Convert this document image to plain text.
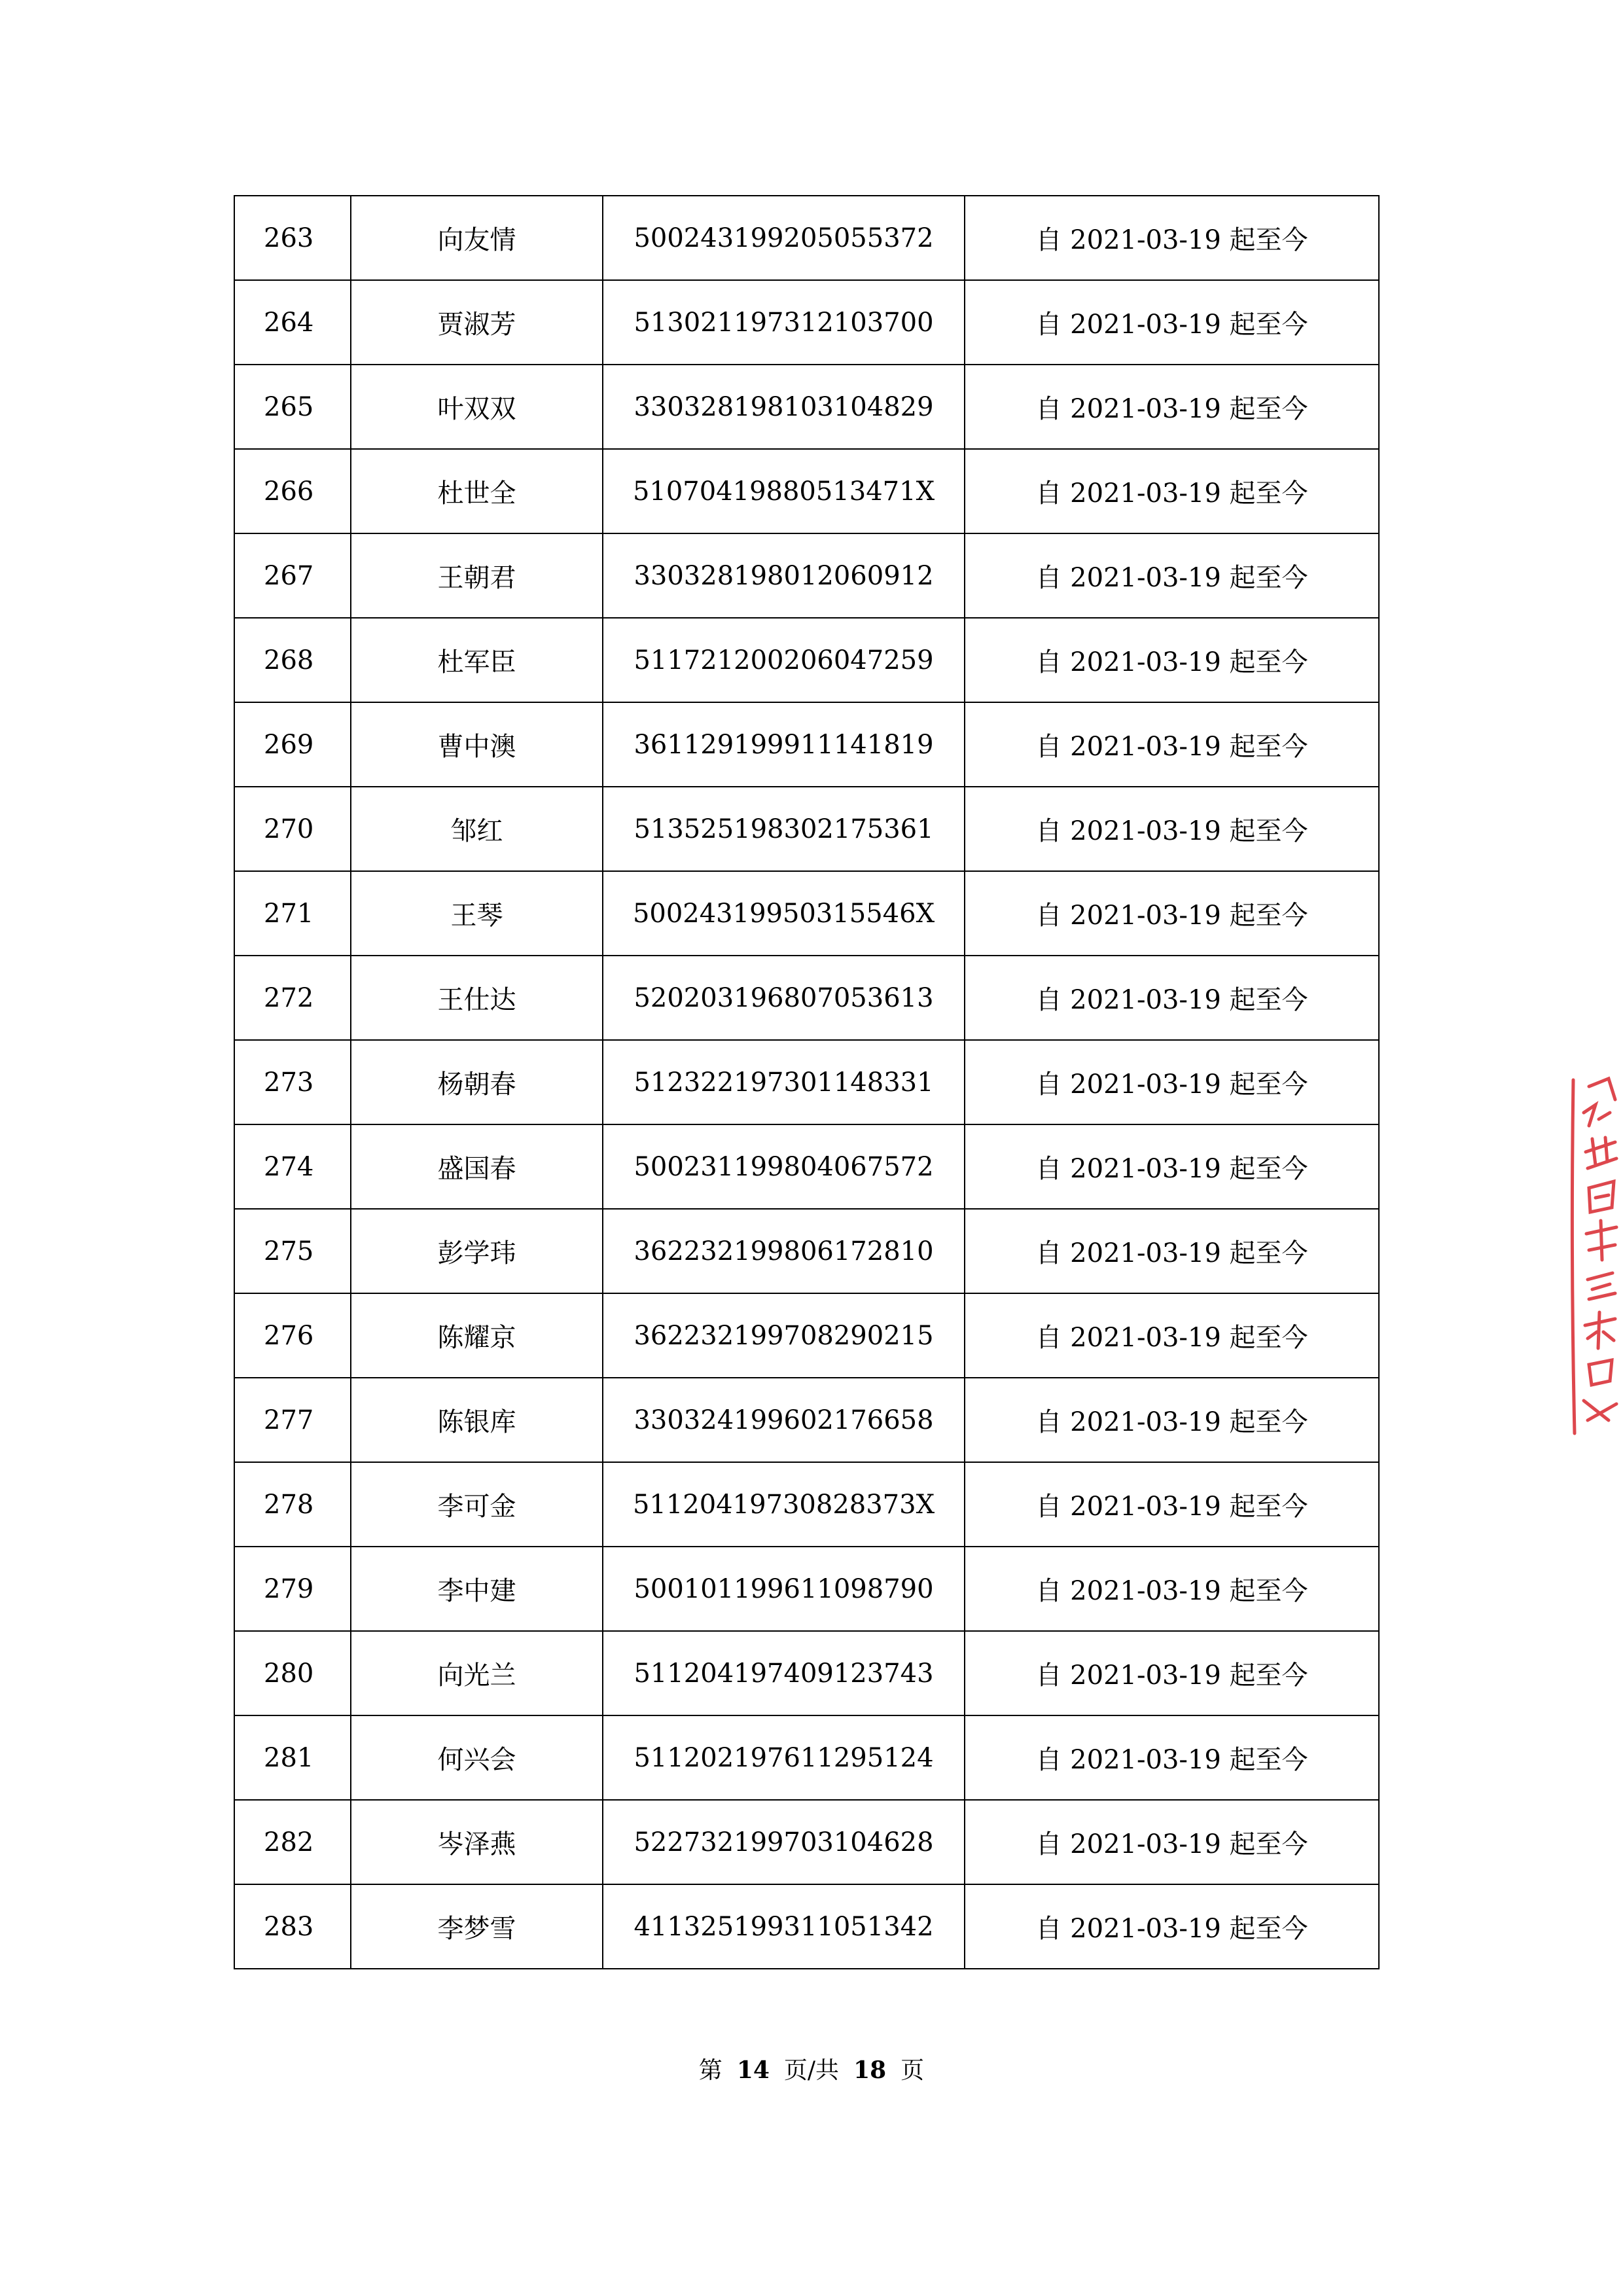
263	向友情	500243199205055372	自 2021-03-19 起至今
264	贾淑芳	513021197312103700	自 2021-03-19 起至今
265	叶双双	330328198103104829	自 2021-03-19 起至今
266	杜世全	51070419880513471X	自 2021-03-19 起至今
267	王朝君	330328198012060912	自 2021-03-19 起至今
268	杜军臣	511721200206047259	自 2021-03-19 起至今
269	曹中澳	361129199911141819	自 2021-03-19 起至今
270	邹红	513525198302175361	自 2021-03-19 起至今
271	王琴	50024319950315546X	自 2021-03-19 起至今
272	王仕达	520203196807053613	自 2021-03-19 起至今
273	杨朝春	512322197301148331	自 2021-03-19 起至今
274	盛国春	500231199804067572	自 2021-03-19 起至今
275	彭学玮	362232199806172810	自 2021-03-19 起至今
276	陈耀京	362232199708290215	自 2021-03-19 起至今
277	陈银库	330324199602176658	自 2021-03-19 起至今
278	李可金	51120419730828373X	自 2021-03-19 起至今
279	李中建	500101199611098790	自 2021-03-19 起至今
280	向光兰	511204197409123743	自 2021-03-19 起至今
281	何兴会	511202197611295124	自 2021-03-19 起至今
282	岑泽燕	522732199703104628	自 2021-03-19 起至今
283	李梦雪	411325199311051342	自 2021-03-19 起至今
第 14 页/共 18 页
